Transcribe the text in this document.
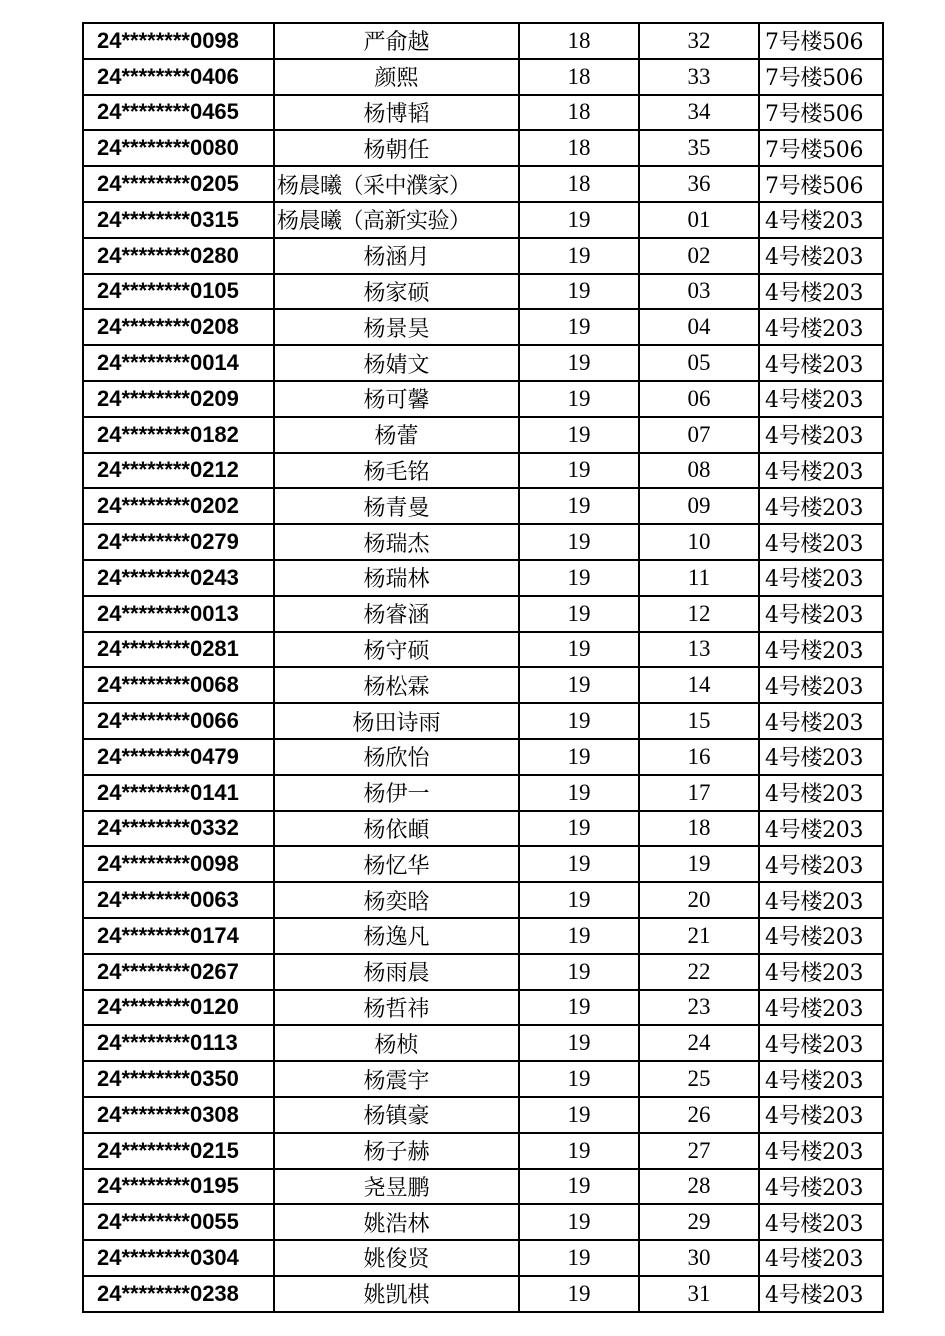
24********0098	严俞越	18	32	7号楼506
24********0406	颜熙	18	33	7号楼506
24********0465	杨博韬	18	34	7号楼506
24********0080	杨朝任	18	35	7号楼506
24********0205	杨晨曦（采中濮家）	18	36	7号楼506
24********0315	杨晨曦（高新实验）	19	01	4号楼203
24********0280	杨涵月	19	02	4号楼203
24********0105	杨家硕	19	03	4号楼203
24********0208	杨景昊	19	04	4号楼203
24********0014	杨婧文	19	05	4号楼203
24********0209	杨可馨	19	06	4号楼203
24********0182	杨蕾	19	07	4号楼203
24********0212	杨毛铭	19	08	4号楼203
24********0202	杨青曼	19	09	4号楼203
24********0279	杨瑞杰	19	10	4号楼203
24********0243	杨瑞林	19	11	4号楼203
24********0013	杨睿涵	19	12	4号楼203
24********0281	杨守硕	19	13	4号楼203
24********0068	杨松霖	19	14	4号楼203
24********0066	杨田诗雨	19	15	4号楼203
24********0479	杨欣怡	19	16	4号楼203
24********0141	杨伊一	19	17	4号楼203
24********0332	杨依頔	19	18	4号楼203
24********0098	杨忆华	19	19	4号楼203
24********0063	杨奕晗	19	20	4号楼203
24********0174	杨逸凡	19	21	4号楼203
24********0267	杨雨晨	19	22	4号楼203
24********0120	杨哲祎	19	23	4号楼203
24********0113	杨桢	19	24	4号楼203
24********0350	杨震宇	19	25	4号楼203
24********0308	杨镇豪	19	26	4号楼203
24********0215	杨子赫	19	27	4号楼203
24********0195	尧昱鹏	19	28	4号楼203
24********0055	姚浩林	19	29	4号楼203
24********0304	姚俊贤	19	30	4号楼203
24********0238	姚凯棋	19	31	4号楼203
